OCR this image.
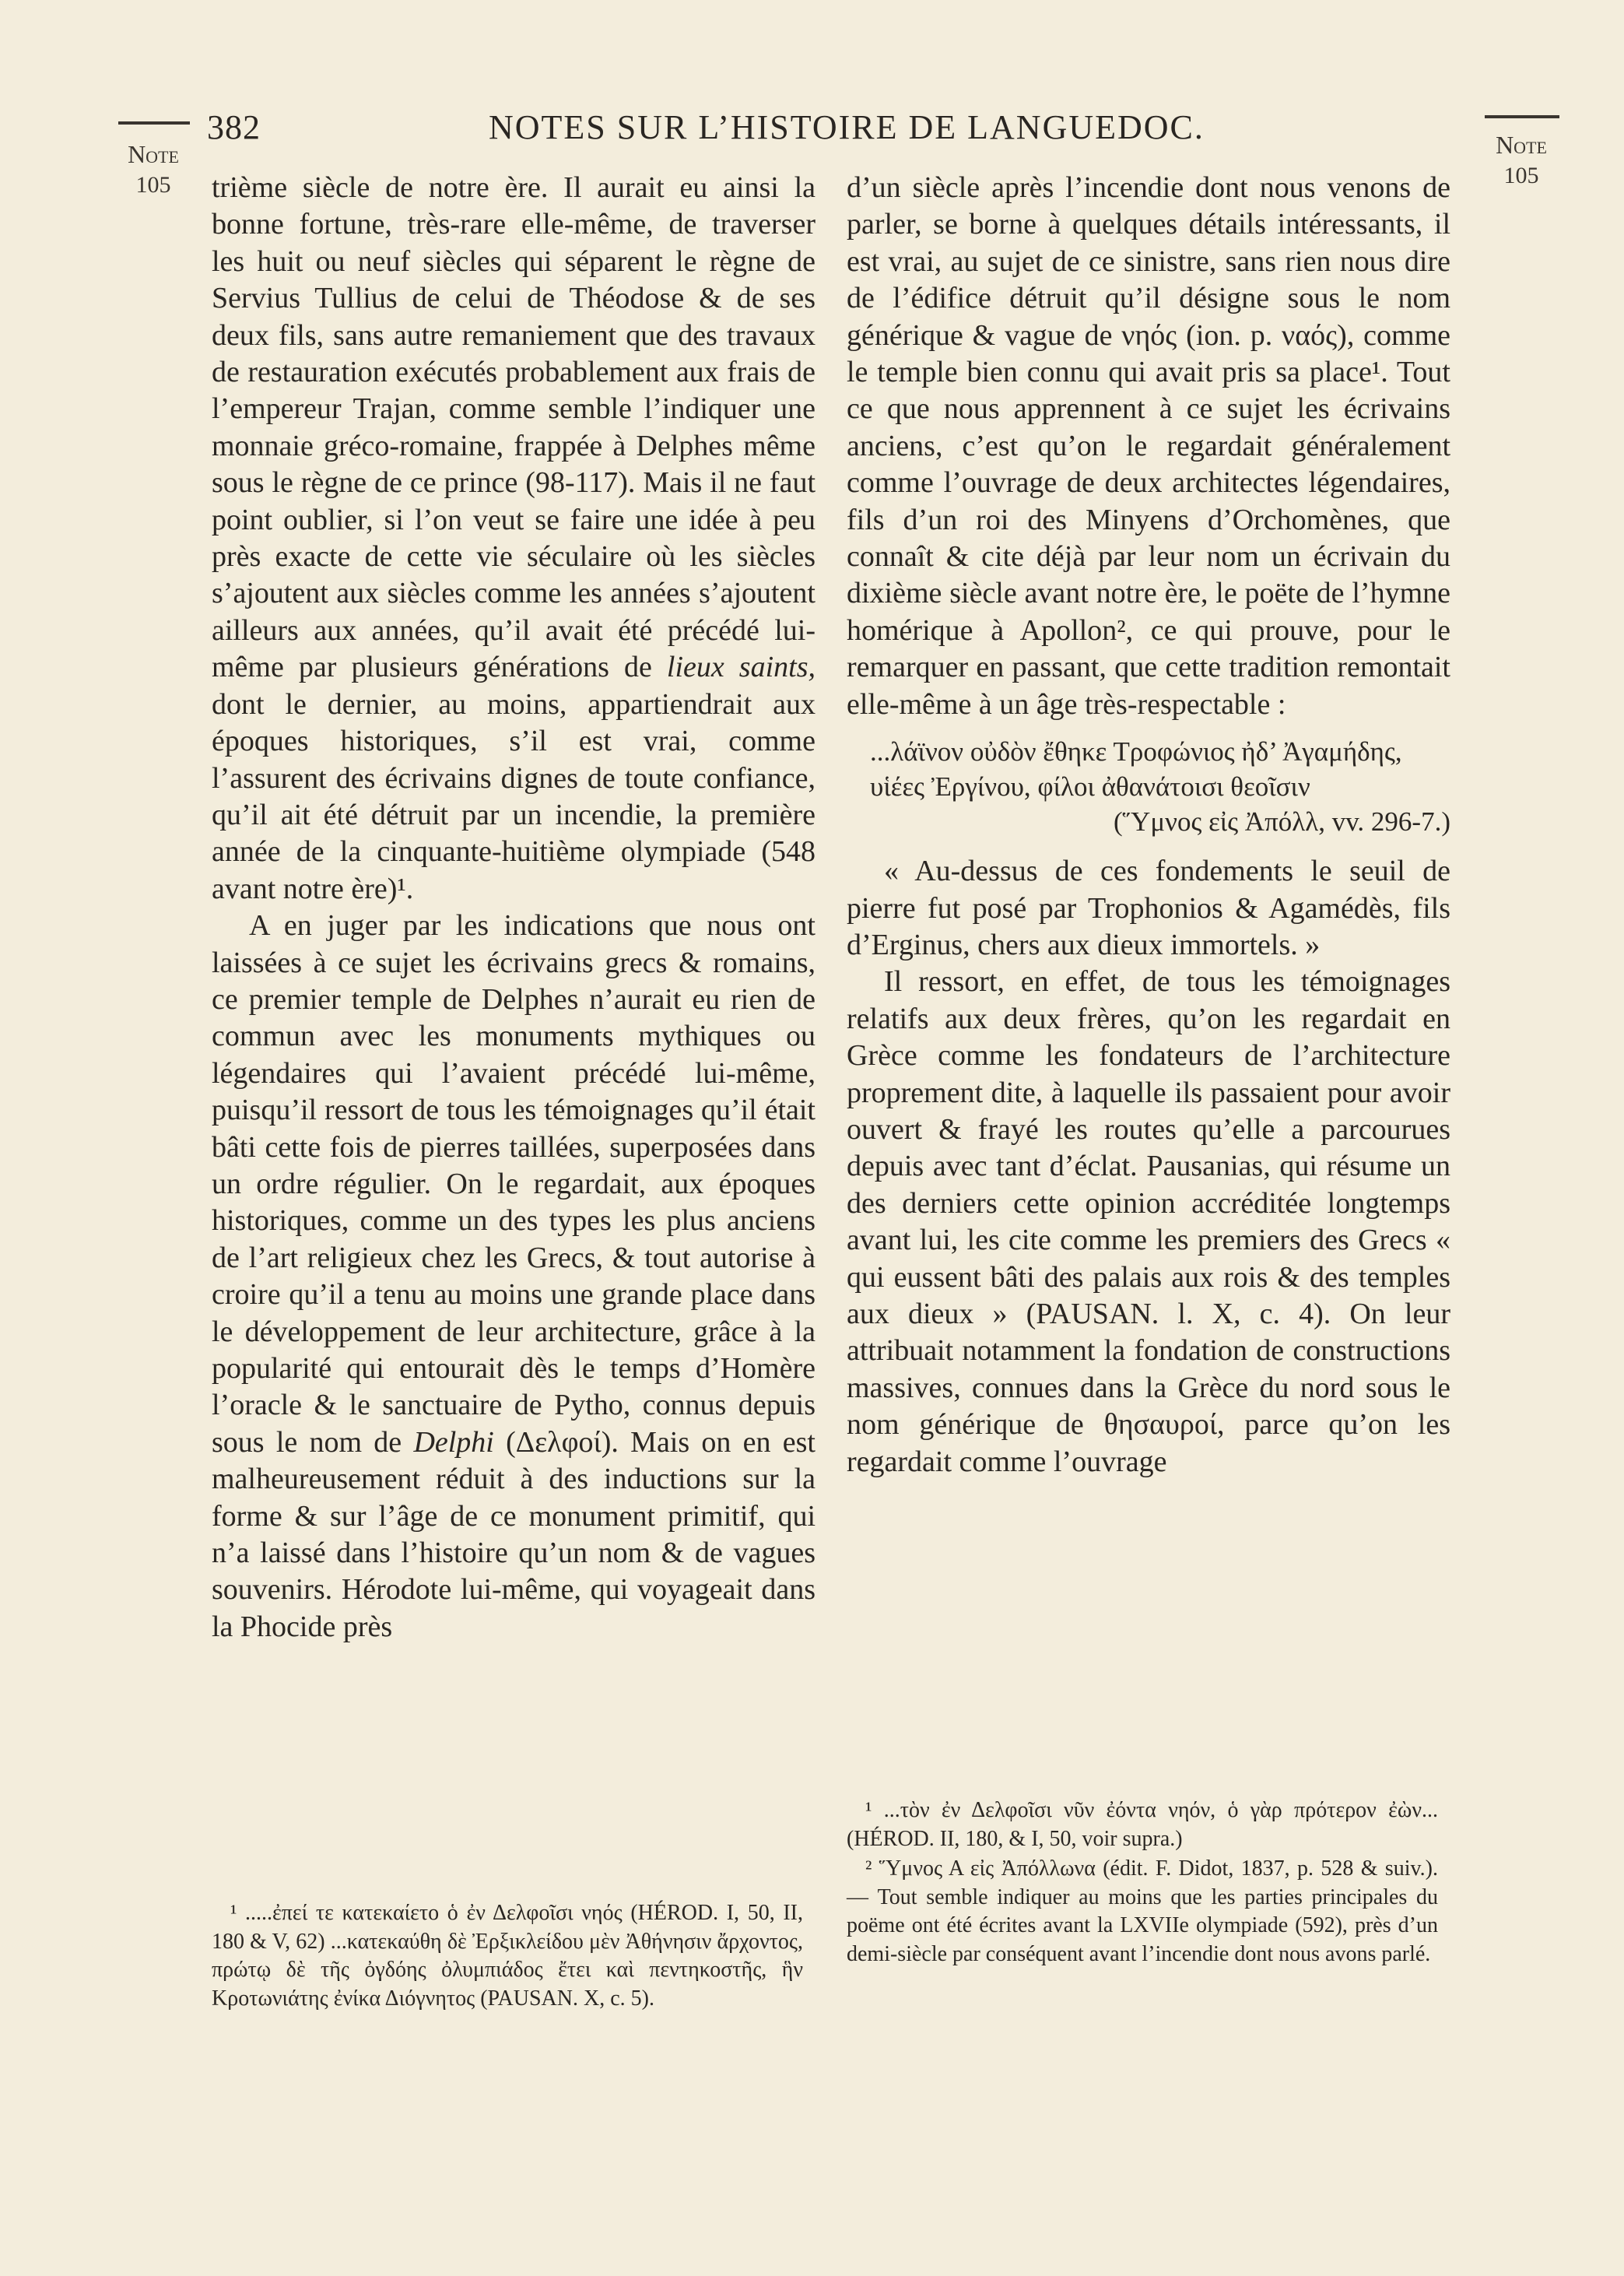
Note
105
Note
105
382	NOTES SUR L’HISTOIRE DE LANGUEDOC.

trième siècle de notre ère. Il aurait eu ainsi la bonne fortune, très-rare elle-même, de traverser les huit ou neuf siècles qui séparent le règne de Servius Tullius de celui de Théodose & de ses deux fils, sans autre remaniement que des travaux de restauration exécutés probablement aux frais de l’empereur Trajan, comme semble l’indiquer une monnaie gréco-romaine, frappée à Delphes même sous le règne de ce prince (98-117). Mais il ne faut point oublier, si l’on veut se faire une idée à peu près exacte de cette vie séculaire où les siècles s’ajoutent aux siècles comme les années s’ajoutent ailleurs aux années, qu’il avait été précédé lui-même par plusieurs générations de lieux saints, dont le dernier, au moins, appartiendrait aux époques historiques, s’il est vrai, comme l’assurent des écrivains dignes de toute confiance, qu’il ait été détruit par un incendie, la première année de la cinquante-huitième olympiade (548 avant notre ère)¹.

A en juger par les indications que nous ont laissées à ce sujet les écrivains grecs & romains, ce premier temple de Delphes n’aurait eu rien de commun avec les monuments mythiques ou légendaires qui l’avaient précédé lui-même, puisqu’il ressort de tous les témoignages qu’il était bâti cette fois de pierres taillées, superposées dans un ordre régulier. On le regardait, aux époques historiques, comme un des types les plus anciens de l’art religieux chez les Grecs, & tout autorise à croire qu’il a tenu au moins une grande place dans le développement de leur architecture, grâce à la popularité qui entourait dès le temps d’Homère l’oracle & le sanctuaire de Pytho, connus depuis sous le nom de Delphi (Δελφοί). Mais on en est malheureusement réduit à des inductions sur la forme & sur l’âge de ce monument primitif, qui n’a laissé dans l’histoire qu’un nom & de vagues souvenirs. Hérodote lui-même, qui voyageait dans la Phocide près

d’un siècle après l’incendie dont nous venons de parler, se borne à quelques détails intéressants, il est vrai, au sujet de ce sinistre, sans rien nous dire de l’édifice détruit qu’il désigne sous le nom générique & vague de νηός (ion. p. ναός), comme le temple bien connu qui avait pris sa place¹. Tout ce que nous apprennent à ce sujet les écrivains anciens, c’est qu’on le regardait généralement comme l’ouvrage de deux architectes légendaires, fils d’un roi des Minyens d’Orchomènes, que connaît & cite déjà par leur nom un écrivain du dixième siècle avant notre ère, le poëte de l’hymne homérique à Apollon², ce qui prouve, pour le remarquer en passant, que cette tradition remontait elle-même à un âge très-respectable :

...λάϊνον οὐδὸν ἔθηκε Τροφώνιος ἠδ’ Ἀγαμήδης,
υἱέες Ἐργίνου, φίλοι ἀθανάτοισι θεοῖσιν
(Ὕμνος εἰς Ἀπόλλ, vv. 296-7.)

« Au-dessus de ces fondements le seuil de pierre fut posé par Trophonios & Agamédès, fils d’Erginus, chers aux dieux immortels. »

Il ressort, en effet, de tous les témoignages relatifs aux deux frères, qu’on les regardait en Grèce comme les fondateurs de l’architecture proprement dite, à laquelle ils passaient pour avoir ouvert & frayé les routes qu’elle a parcourues depuis avec tant d’éclat. Pausanias, qui résume un des derniers cette opinion accréditée longtemps avant lui, les cite comme les premiers des Grecs « qui eussent bâti des palais aux rois & des temples aux dieux » (PAUSAN. l. X, c. 4). On leur attribuait notamment la fondation de constructions massives, connues dans la Grèce du nord sous le nom générique de θησαυροί, parce qu’on les regardait comme l’ouvrage

¹ .....ἐπεί τε κατεκαίετο ὁ ἐν Δελφοῖσι νηός (HÉROD. I, 50, II, 180 & V, 62) ...κατεκαύθη δὲ Ἐρξικλείδου μὲν Ἀθήνησιν ἄρχοντος, πρώτῳ δὲ τῆς ὀγδόης ὀλυμπιάδος ἔτει καὶ πεντηκοστῆς, ἣν Κροτωνιάτης ἐνίκα Διόγνητος (PAUSAN. X, c. 5).

¹ ...τὸν ἐν Δελφοῖσι νῦν ἐόντα νηόν, ὁ γὰρ πρότερον ἐὼν... (HÉROD. II, 180, & I, 50, voir supra.)

² Ὕμνος Α εἰς Ἀπόλλωνα (édit. F. Didot, 1837, p. 528 & suiv.). — Tout semble indiquer au moins que les parties principales du poëme ont été écrites avant la LXVIIe olympiade (592), près d’un demi-siècle par conséquent avant l’incendie dont nous avons parlé.
